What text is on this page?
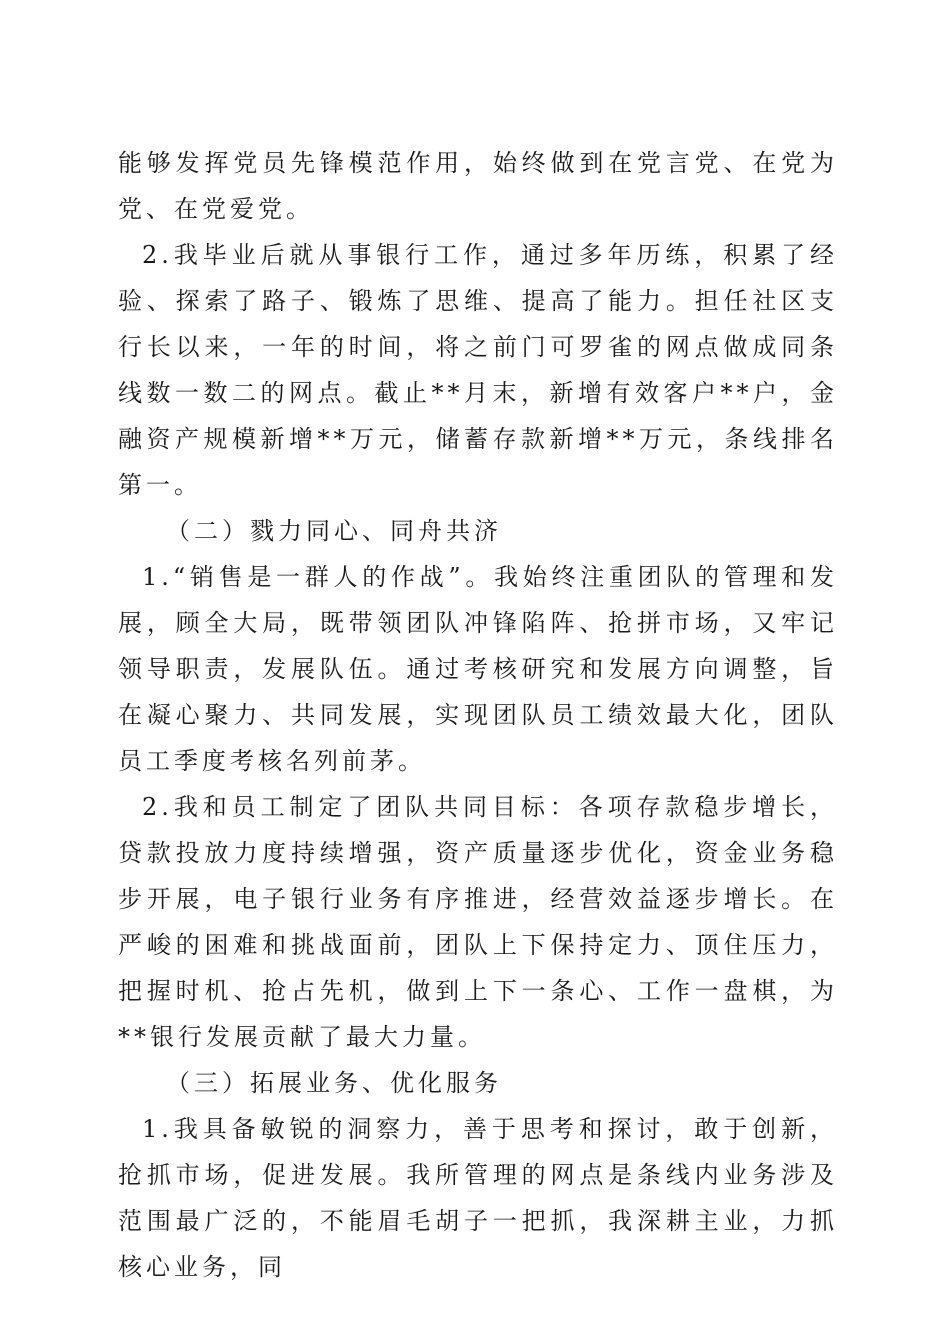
能够发挥党员先锋模范作用，始终做到在党言党、在党为党、在党爱党。

2.我毕业后就从事银行工作，通过多年历练，积累了经验、探索了路子、锻炼了思维、提高了能力。担任社区支行长以来，一年的时间，将之前门可罗雀的网点做成同条线数一数二的网点。截止**月末，新增有效客户**户，金融资产规模新增**万元，储蓄存款新增**万元，条线排名第一。

（二）戮力同心、同舟共济

1.“销售是一群人的作战”。我始终注重团队的管理和发展，顾全大局，既带领团队冲锋陷阵、抢拼市场，又牢记领导职责，发展队伍。通过考核研究和发展方向调整，旨在凝心聚力、共同发展，实现团队员工绩效最大化，团队员工季度考核名列前茅。

2.我和员工制定了团队共同目标：各项存款稳步增长，贷款投放力度持续增强，资产质量逐步优化，资金业务稳步开展，电子银行业务有序推进，经营效益逐步增长。在严峻的困难和挑战面前，团队上下保持定力、顶住压力，把握时机、抢占先机，做到上下一条心、工作一盘棋，为**银行发展贡献了最大力量。

（三）拓展业务、优化服务

1.我具备敏锐的洞察力，善于思考和探讨，敢于创新，抢抓市场，促进发展。我所管理的网点是条线内业务涉及范围最广泛的，不能眉毛胡子一把抓，我深耕主业，力抓核心业务，同
